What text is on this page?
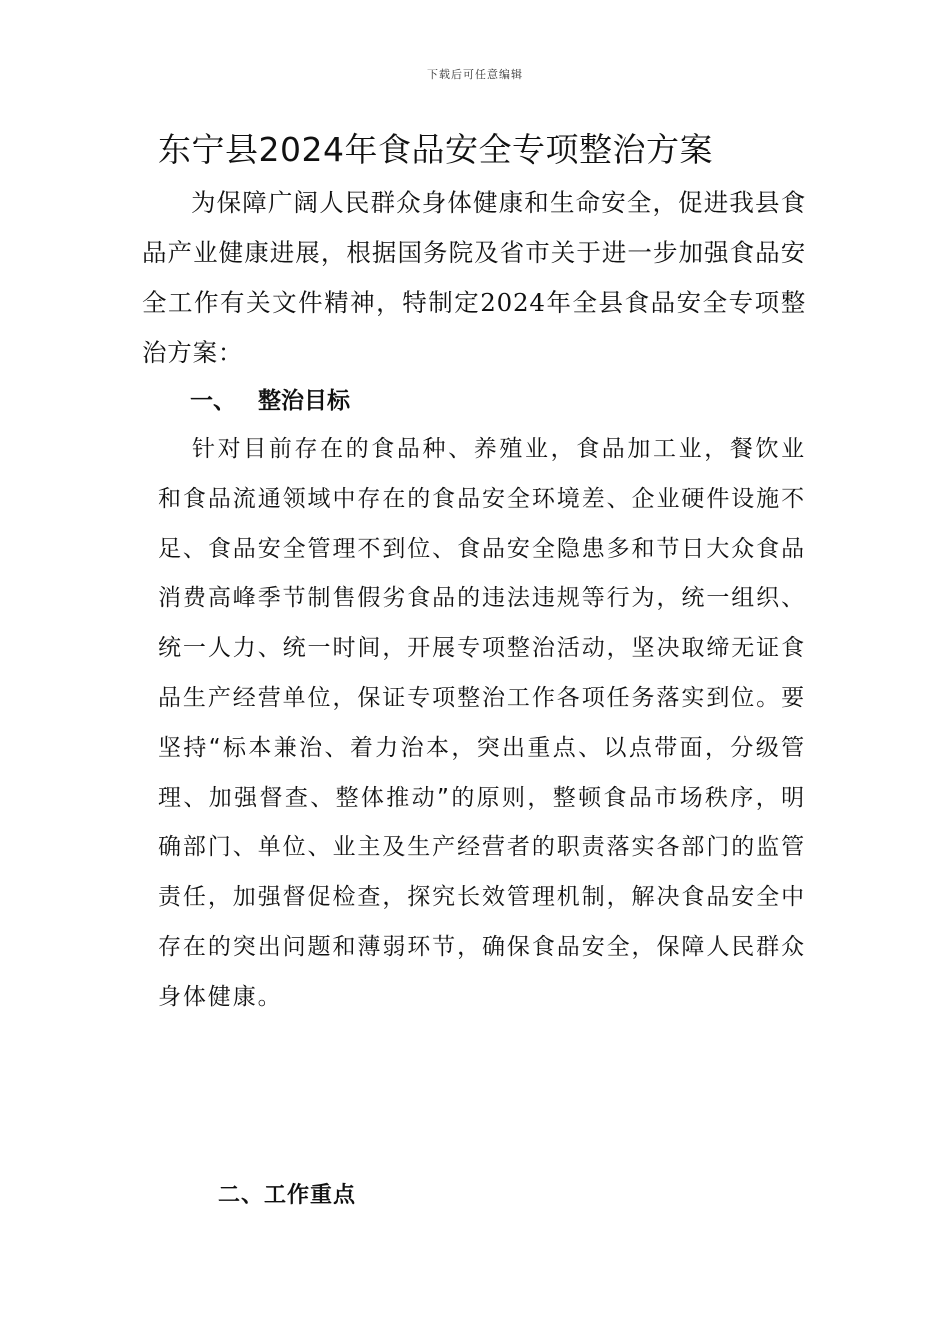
下载后可任意编辑
东宁县2024年食品安全专项整治方案
为保障广阔人民群众身体健康和生命安全，促进我县食品产业健康进展，根据国务院及省市关于进一步加强食品安全工作有关文件精神，特制定2024年全县食品安全专项整治方案：
一、 整治目标
针对目前存在的食品种、养殖业，食品加工业，餐饮业和食品流通领域中存在的食品安全环境差、企业硬件设施不足、食品安全管理不到位、食品安全隐患多和节日大众食品消费高峰季节制售假劣食品的违法违规等行为，统一组织、统一人力、统一时间，开展专项整治活动，坚决取缔无证食品生产经营单位，保证专项整治工作各项任务落实到位。要坚持“标本兼治、着力治本，突出重点、以点带面，分级管理、加强督查、整体推动”的原则，整顿食品市场秩序，明确部门、单位、业主及生产经营者的职责落实各部门的监管责任，加强督促检查，探究长效管理机制，解决食品安全中存在的突出问题和薄弱环节，确保食品安全，保障人民群众身体健康。
二、工作重点
